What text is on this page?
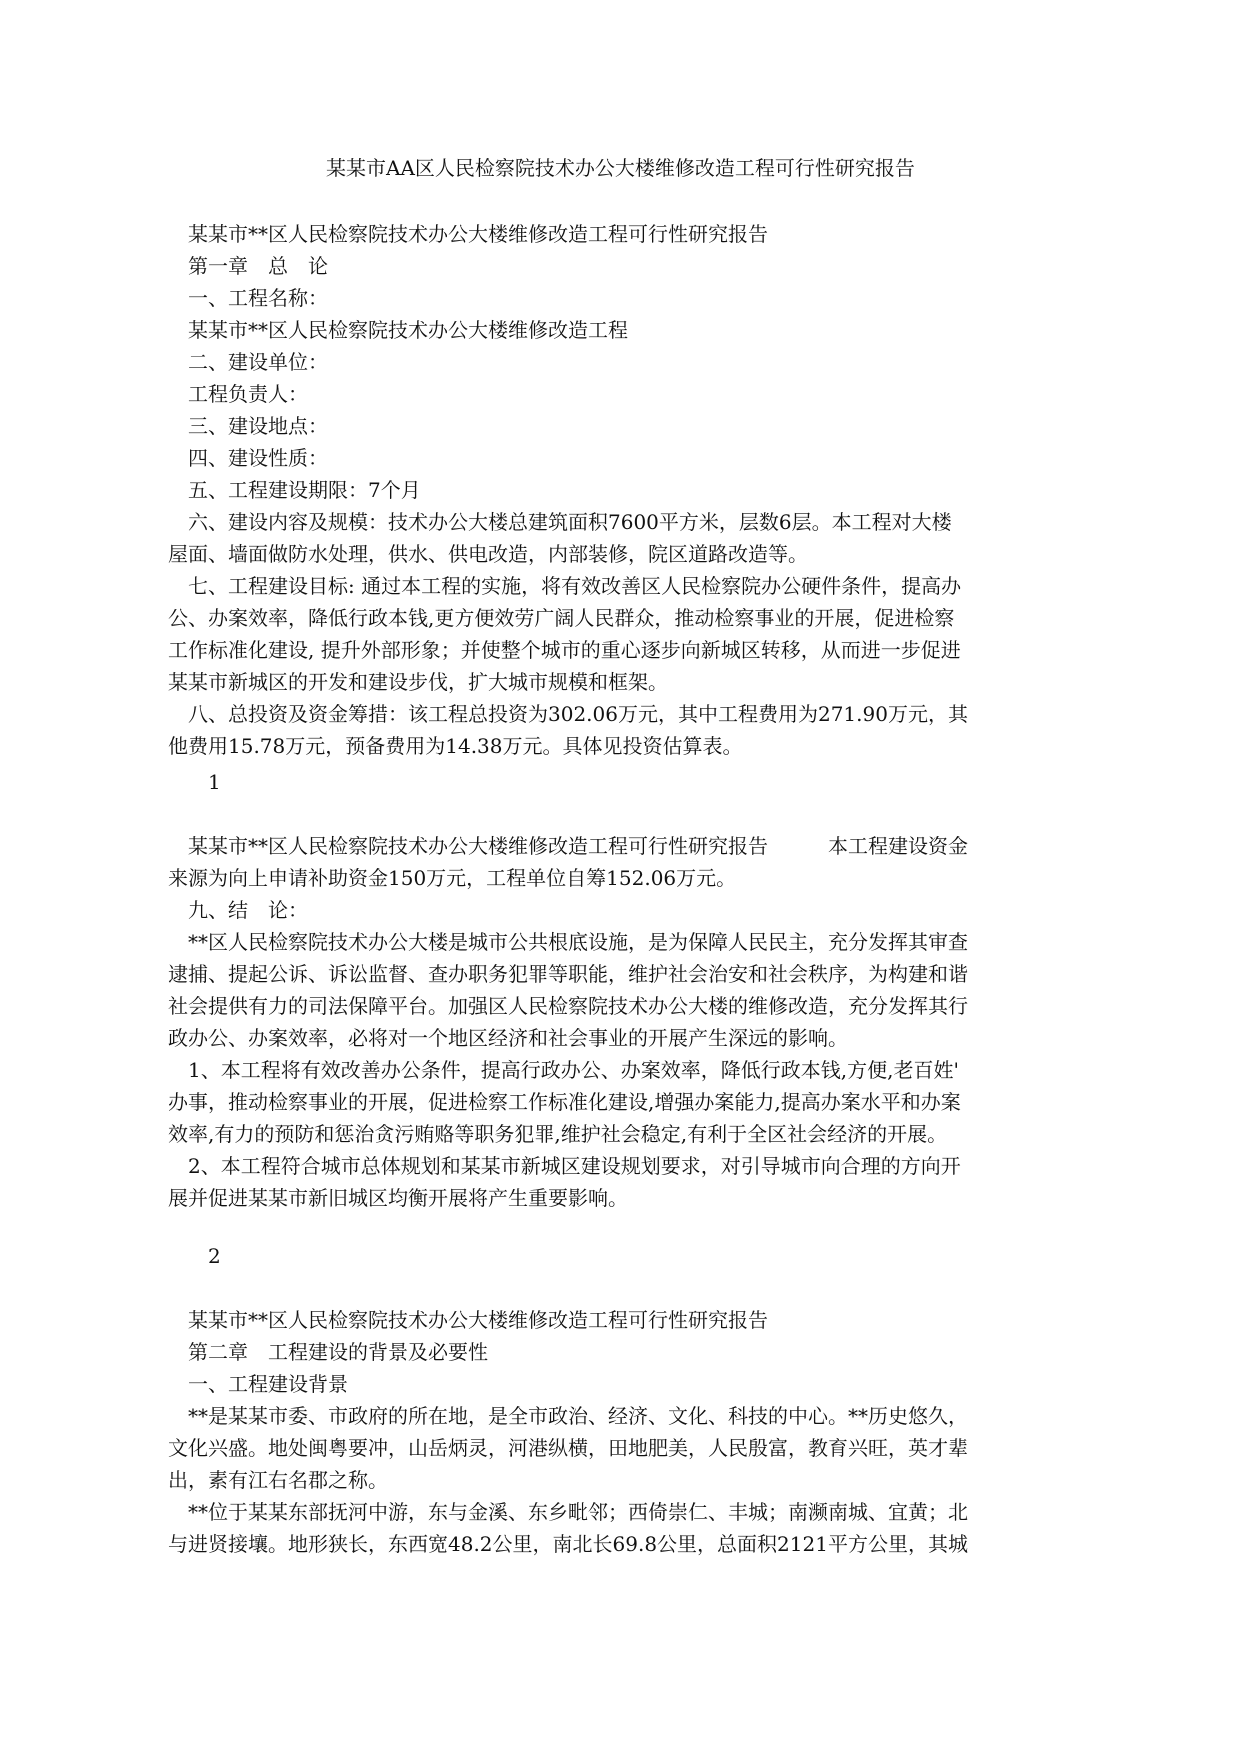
某某市AA区人民检察院技术办公大楼维修改造工程可行性研究报告
某某市**区人民检察院技术办公大楼维修改造工程可行性研究报告
第一章　总　论
一、工程名称：
某某市**区人民检察院技术办公大楼维修改造工程
二、建设单位：
工程负责人：
三、建设地点：
四、建设性质：
五、工程建设期限：7个月
六、建设内容及规模：技术办公大楼总建筑面积7600平方米，层数6层。本工程对大楼
屋面、墙面做防水处理，供水、供电改造，内部装修，院区道路改造等。
七、工程建设目标: 通过本工程的实施，将有效改善区人民检察院办公硬件条件，提高办
公、办案效率，降低行政本钱,更方便效劳广阔人民群众，推动检察事业的开展，促进检察
工作标准化建设, 提升外部形象；并使整个城市的重心逐步向新城区转移，从而进一步促进
某某市新城区的开发和建设步伐，扩大城市规模和框架。
八、总投资及资金筹措：该工程总投资为302.06万元，其中工程费用为271.90万元，其
他费用15.78万元，预备费用为14.38万元。具体见投资估算表。
1
某某市**区人民检察院技术办公大楼维修改造工程可行性研究报告　　　本工程建设资金
来源为向上申请补助资金150万元，工程单位自筹152.06万元。
九、结　论：
**区人民检察院技术办公大楼是城市公共根底设施，是为保障人民民主，充分发挥其审查
逮捕、提起公诉、诉讼监督、查办职务犯罪等职能，维护社会治安和社会秩序，为构建和谐
社会提供有力的司法保障平台。加强区人民检察院技术办公大楼的维修改造，充分发挥其行
政办公、办案效率，必将对一个地区经济和社会事业的开展产生深远的影响。
1、本工程将有效改善办公条件，提高行政办公、办案效率，降低行政本钱,方便,老百姓'
办事，推动检察事业的开展，促进检察工作标准化建设,增强办案能力,提高办案水平和办案
效率,有力的预防和惩治贪污贿赂等职务犯罪,维护社会稳定,有利于全区社会经济的开展。
2、本工程符合城市总体规划和某某市新城区建设规划要求，对引导城市向合理的方向开
展并促进某某市新旧城区均衡开展将产生重要影响。
2
某某市**区人民检察院技术办公大楼维修改造工程可行性研究报告
第二章　工程建设的背景及必要性
一、工程建设背景
**是某某市委、市政府的所在地，是全市政治、经济、文化、科技的中心。**历史悠久，
文化兴盛。地处闽粤要冲，山岳炳灵，河港纵横，田地肥美，人民殷富，教育兴旺，英才辈
出，素有江右名郡之称。
**位于某某东部抚河中游，东与金溪、东乡毗邻；西倚崇仁、丰城；南濒南城、宜黄；北
与进贤接壤。地形狭长，东西宽48.2公里，南北长69.8公里，总面积2121平方公里，其城
